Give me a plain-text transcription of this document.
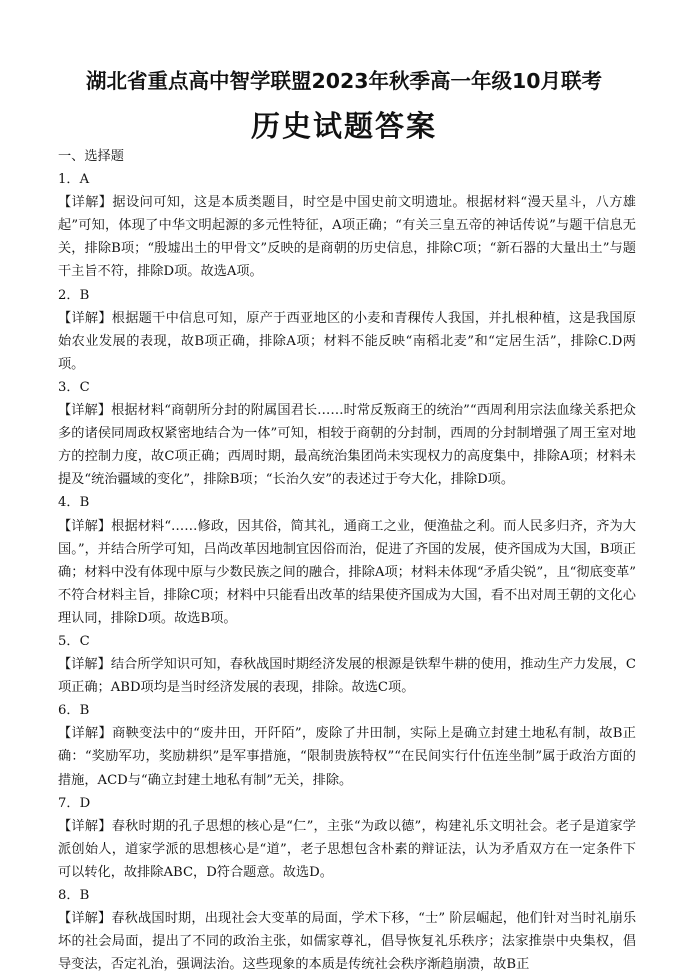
湖北省重点高中智学联盟2023年秋季高一年级10月联考
历史试题答案
一、选择题
1．A
【详解】据设问可知，这是本质类题目，时空是中国史前文明遗址。根据材料“漫天星斗，八方雄起”可知，体现了中华文明起源的多元性特征，A项正确；“有关三皇五帝的神话传说”与题干信息无关，排除B项；“殷墟出土的甲骨文”反映的是商朝的历史信息，排除C项；“新石器的大量出土”与题干主旨不符，排除D项。故选A项。
2．B
【详解】根据题干中信息可知，原产于西亚地区的小麦和青稞传人我国，并扎根种植，这是我国原始农业发展的表现，故B项正确，排除A项；材料不能反映“南稻北麦”和“定居生活”，排除C.D两项。
3．C
【详解】根据材料“商朝所分封的附属国君长……时常反叛商王的统治”“西周利用宗法血缘关系把众多的诸侯同周政权紧密地结合为一体”可知，相较于商朝的分封制，西周的分封制增强了周王室对地方的控制力度，故C项正确；西周时期，最高统治集团尚未实现权力的高度集中，排除A项；材料未提及“统治疆域的变化”，排除B项；“长治久安”的表述过于夸大化，排除D项。
4．B
【详解】根据材料“……修政，因其俗，简其礼，通商工之业，便渔盐之利。而人民多归齐，齐为大国。”，并结合所学可知，吕尚改革因地制宜因俗而治，促进了齐国的发展，使齐国成为大国，B项正确；材料中没有体现中原与少数民族之间的融合，排除A项；材料未体现“矛盾尖锐”，且“彻底变革” 不符合材料主旨，排除C项；材料中只能看出改革的结果使齐国成为大国，看不出对周王朝的文化心理认同，排除D项。故选B项。
5．C
【详解】结合所学知识可知，春秋战国时期经济发展的根源是铁犁牛耕的使用，推动生产力发展，C项正确；ABD项均是当时经济发展的表现，排除。故选C项。
6．B
【详解】商鞅变法中的“废井田，开阡陌”，废除了井田制，实际上是确立封建土地私有制，故B正确：“奖励军功，奖励耕织”是军事措施，“限制贵族特权”“在民间实行什伍连坐制”属于政治方面的措施，ACD与“确立封建土地私有制”无关，排除。
7．D
【详解】春秋时期的孔子思想的核心是“仁”，主张“为政以德”，构建礼乐文明社会。老子是道家学派创始人，道家学派的思想核心是“道”，老子思想包含朴素的辩证法，认为矛盾双方在一定条件下可以转化，故排除ABC，D符合题意。故选D。
8．B
【详解】春秋战国时期，出现社会大变革的局面，学术下移，“士” 阶层崛起，他们针对当时礼崩乐坏的社会局面，提出了不同的政治主张，如儒家尊礼，倡导恢复礼乐秩序；法家推崇中央集权，倡导变法，否定礼治，强调法治。这些现象的本质是传统社会秩序渐趋崩溃，故B正
